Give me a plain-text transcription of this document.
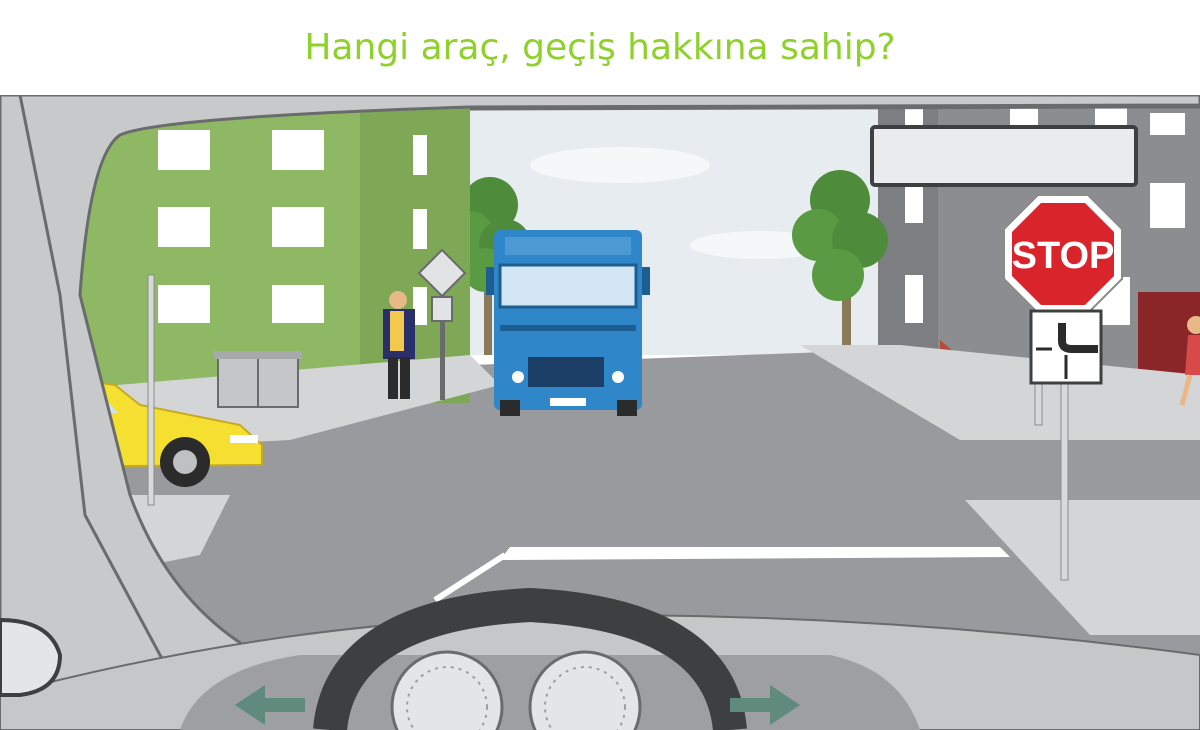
Hangi araç, geçiş hakkına sahip?
STOP
